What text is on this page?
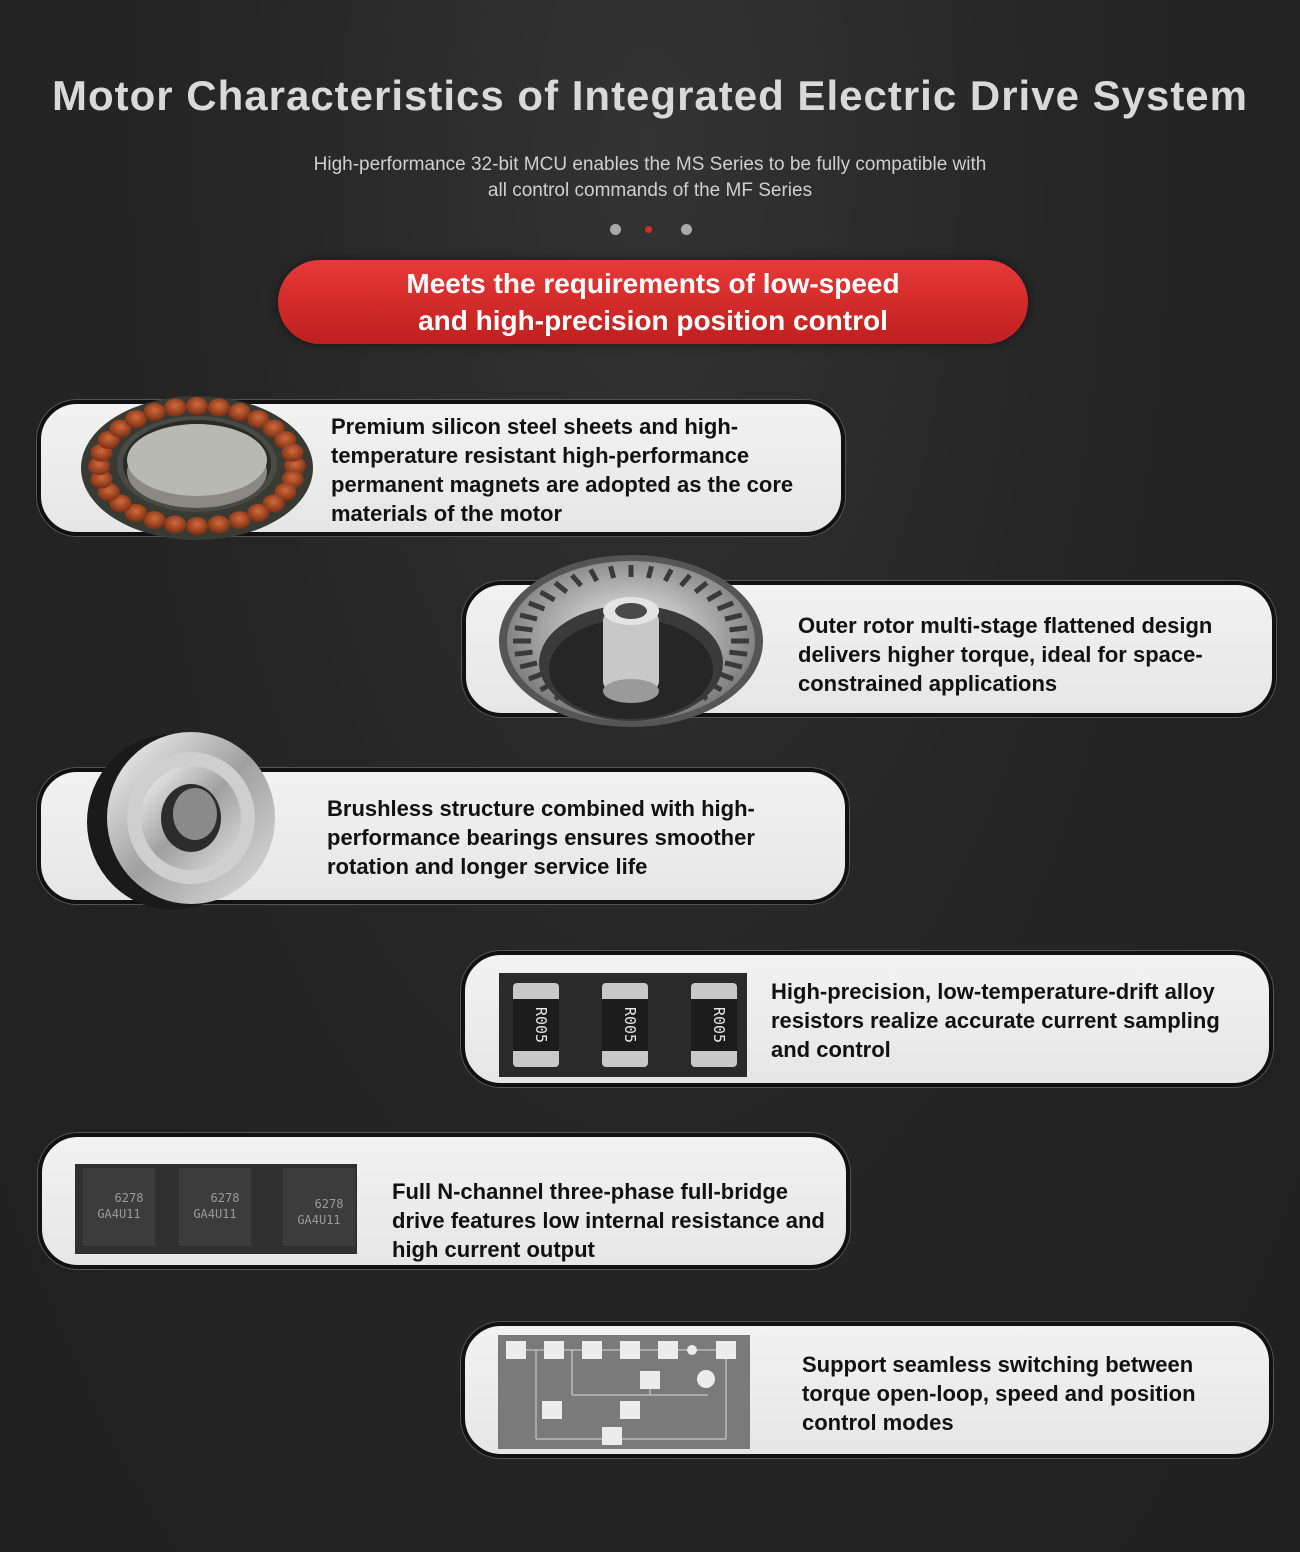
Motor Characteristics of Integrated Electric Drive System
High-performance 32-bit MCU enables the MS Series to be fully compatible with
all control commands of the MF Series
Meets the requirements of low-speed
and high-precision position control
Premium silicon steel sheets and high-
temperature resistant high-performance
permanent magnets are adopted as the core
materials of the motor
Outer rotor multi-stage flattened design
delivers higher torque, ideal for space-
constrained applications
Brushless structure combined with high-
performance bearings ensures smoother
rotation and longer service life
R005	R005	R005
High-precision, low-temperature-drift alloy
resistors realize accurate current sampling
and control
6278
GA4U11
6278
GA4U11
6278
GA4U11
Full N-channel three-phase full-bridge
drive features low internal resistance and
high current output
Support seamless switching between
torque open-loop, speed and position
control modes
